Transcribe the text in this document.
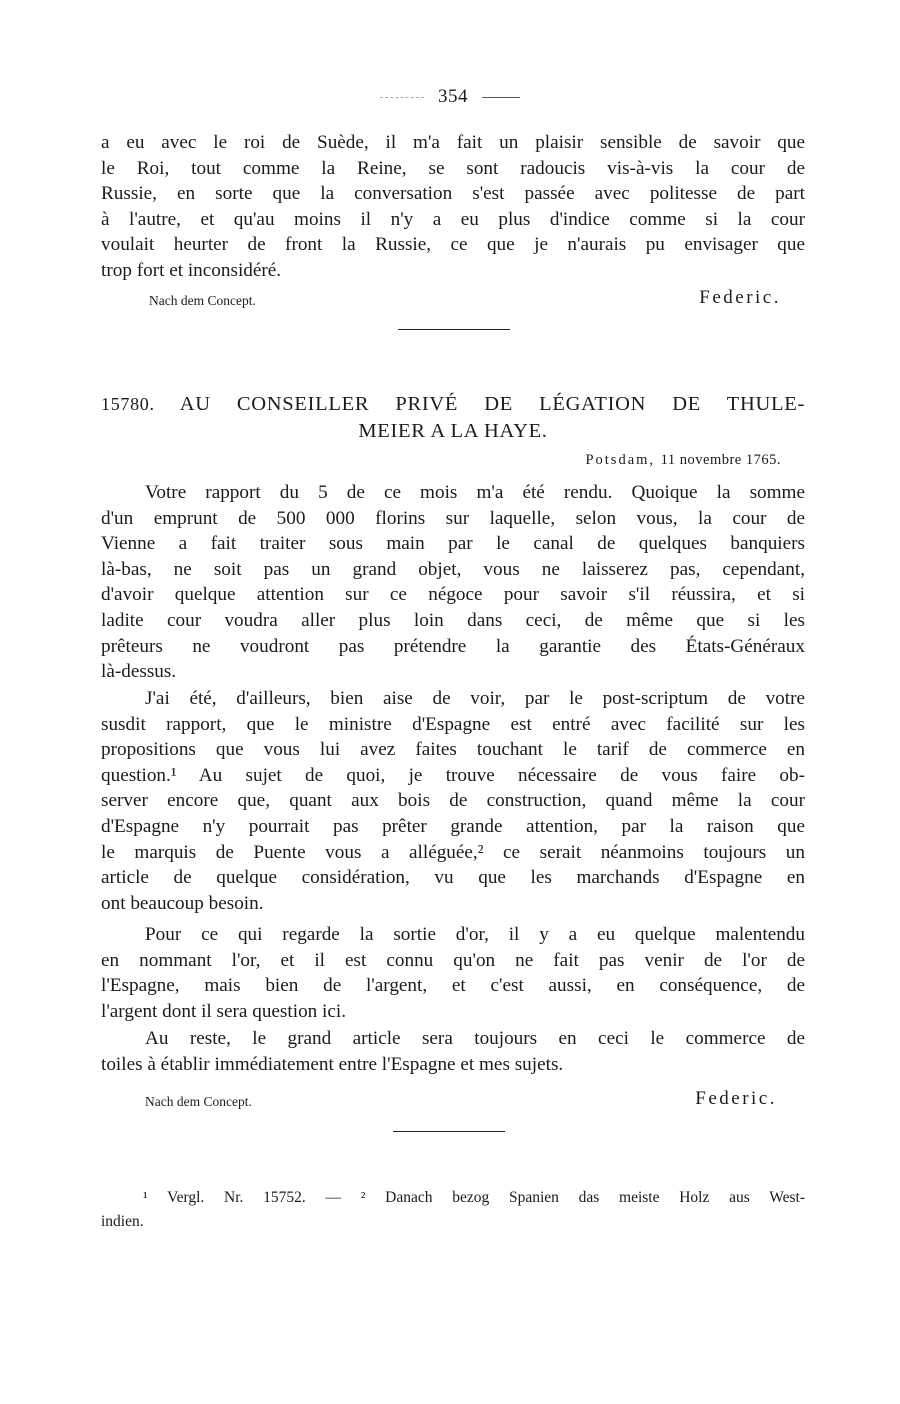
354
a eu avec le roi de Suède, il m'a fait un plaisir sensible de savoir que
le Roi, tout comme la Reine, se sont radoucis vis-à-vis la cour de
Russie, en sorte que la conversation s'est passée avec politesse de part
à l'autre, et qu'au moins il n'y a eu plus d'indice comme si la cour
voulait heurter de front la Russie, ce que je n'aurais pu envisager que
trop fort et inconsidéré.
Nach dem Concept.	Federic.
15780. AU CONSEILLER PRIVÉ DE LÉGATION DE THULE-
MEIER A LA HAYE.
Potsdam, 11 novembre 1765.
Votre rapport du 5 de ce mois m'a été rendu. Quoique la somme
d'un emprunt de 500 000 florins sur laquelle, selon vous, la cour de
Vienne a fait traiter sous main par le canal de quelques banquiers
là-bas, ne soit pas un grand objet, vous ne laisserez pas, cependant,
d'avoir quelque attention sur ce négoce pour savoir s'il réussira, et si
ladite cour voudra aller plus loin dans ceci, de même que si les
prêteurs ne voudront pas prétendre la garantie des États-Généraux
là-dessus.
J'ai été, d'ailleurs, bien aise de voir, par le post-scriptum de votre
susdit rapport, que le ministre d'Espagne est entré avec facilité sur les
propositions que vous lui avez faites touchant le tarif de commerce en
question.¹ Au sujet de quoi, je trouve nécessaire de vous faire ob-
server encore que, quant aux bois de construction, quand même la cour
d'Espagne n'y pourrait pas prêter grande attention, par la raison que
le marquis de Puente vous a alléguée,² ce serait néanmoins toujours un
article de quelque considération, vu que les marchands d'Espagne en
ont beaucoup besoin.
Pour ce qui regarde la sortie d'or, il y a eu quelque malentendu
en nommant l'or, et il est connu qu'on ne fait pas venir de l'or de
l'Espagne, mais bien de l'argent, et c'est aussi, en conséquence, de
l'argent dont il sera question ici.
Au reste, le grand article sera toujours en ceci le commerce de
toiles à établir immédiatement entre l'Espagne et mes sujets.
Nach dem Concept.	Federic.
¹ Vergl. Nr. 15752. — ² Danach bezog Spanien das meiste Holz aus West-
indien.
